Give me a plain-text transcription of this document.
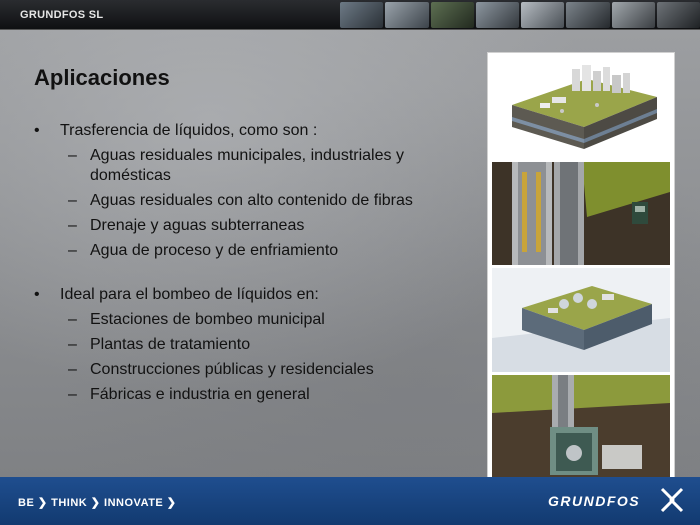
GRUNDFOS SL
Aplicaciones
• Trasferencia de líquidos, como son :
– Aguas residuales municipales, industriales y domésticas
– Aguas residuales con alto contenido de fibras
– Drenaje y aguas subterraneas
– Agua de proceso y de enfriamiento
• Ideal para el bombeo de líquidos en:
– Estaciones de bombeo municipal
– Plantas de tratamiento
– Construcciones públicas y residenciales
– Fábricas e industria en general
BE ❯ THINK ❯ INNOVATE ❯	GRUNDFOS
